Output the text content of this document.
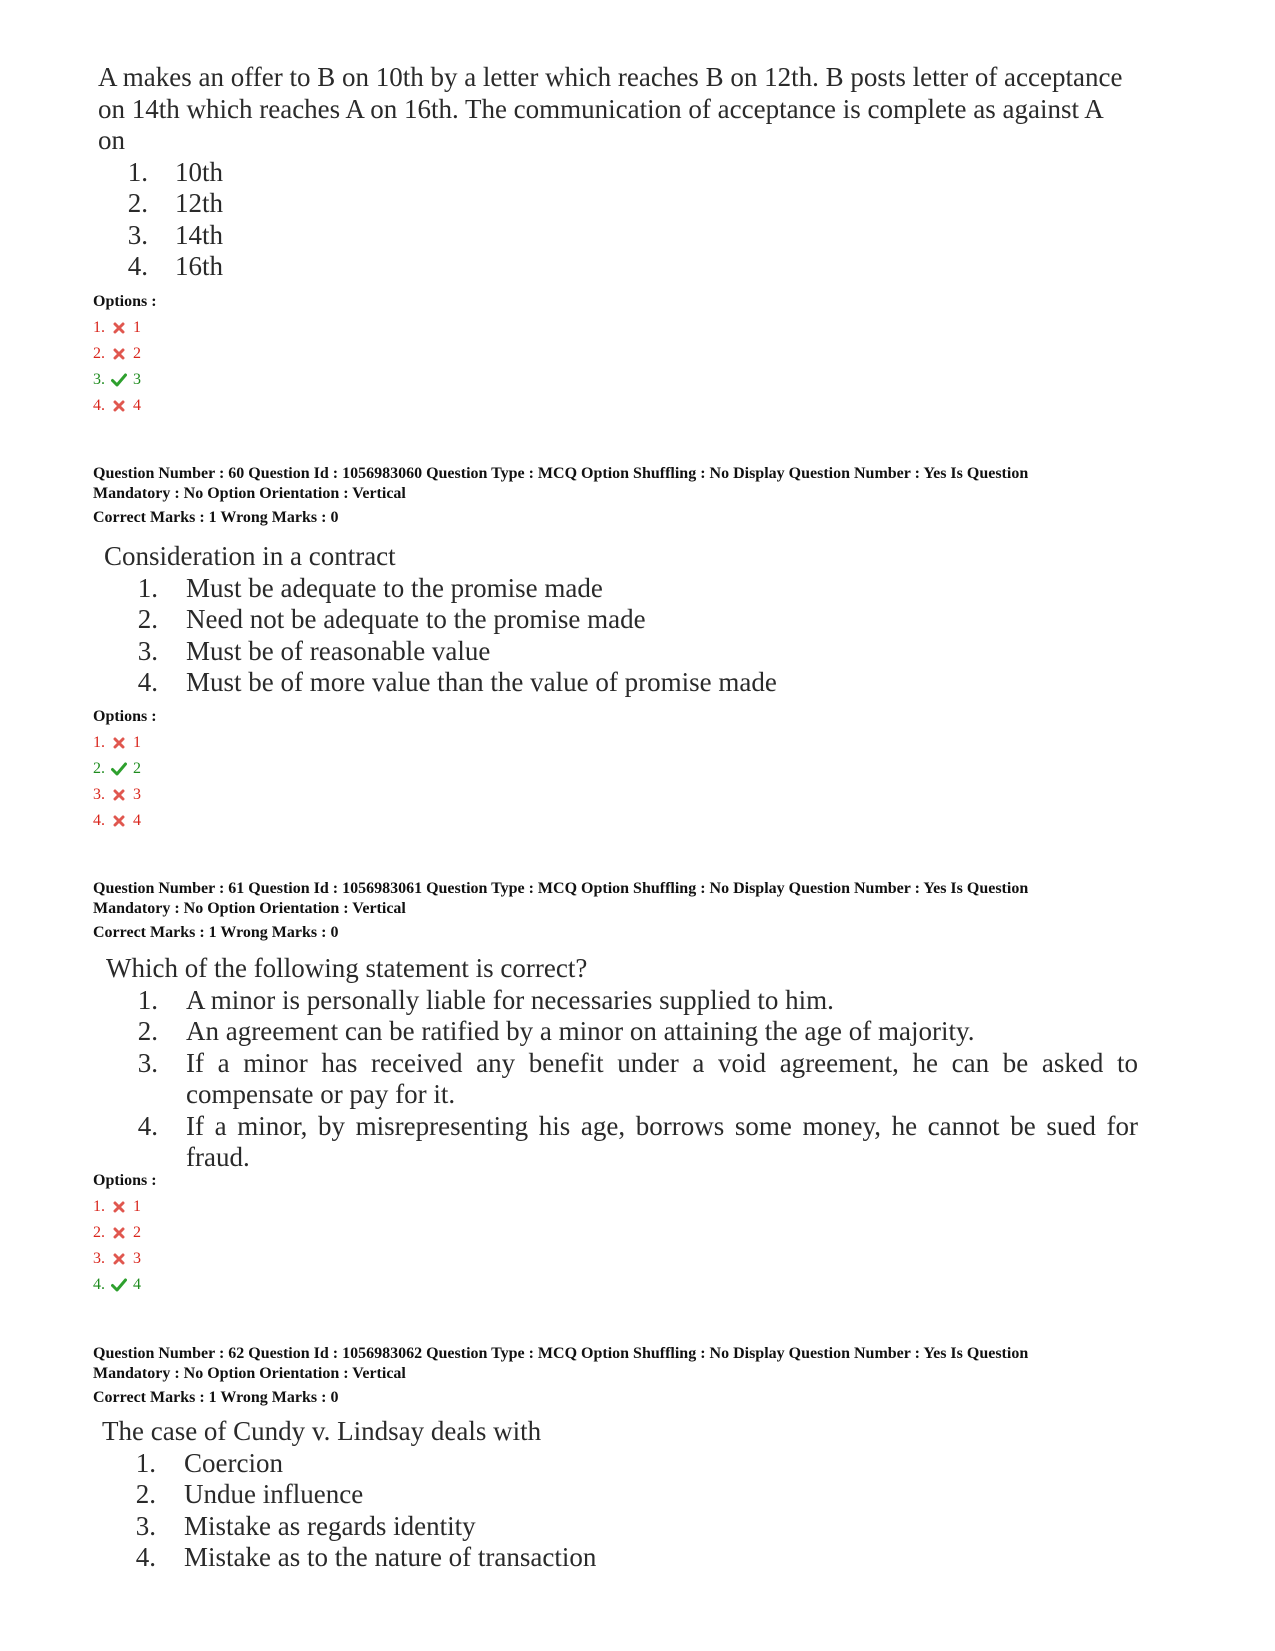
A makes an offer to B on 10th by a letter which reaches B on 12th. B posts letter of acceptance
on 14th which reaches A on 16th. The communication of acceptance is complete as against A
on
1. 10th
2. 12th
3. 14th
4. 16th
Options :
1. 1
2. 2
3. 3
4. 4
Question Number : 60 Question Id : 1056983060 Question Type : MCQ Option Shuffling : No Display Question Number : Yes Is Question
Mandatory : No Option Orientation : Vertical
Correct Marks : 1 Wrong Marks : 0
Consideration in a contract
1. Must be adequate to the promise made
2. Need not be adequate to the promise made
3. Must be of reasonable value
4. Must be of more value than the value of promise made
Options :
1. 1
2. 2
3. 3
4. 4
Question Number : 61 Question Id : 1056983061 Question Type : MCQ Option Shuffling : No Display Question Number : Yes Is Question
Mandatory : No Option Orientation : Vertical
Correct Marks : 1 Wrong Marks : 0
Which of the following statement is correct?
1. A minor is personally liable for necessaries supplied to him.
2. An agreement can be ratified by a minor on attaining the age of majority.
3. If a minor has received any benefit under a void agreement, he can be asked to compensate or pay for it.
4. If a minor, by misrepresenting his age, borrows some money, he cannot be sued for fraud.
Options :
1. 1
2. 2
3. 3
4. 4
Question Number : 62 Question Id : 1056983062 Question Type : MCQ Option Shuffling : No Display Question Number : Yes Is Question
Mandatory : No Option Orientation : Vertical
Correct Marks : 1 Wrong Marks : 0
The case of Cundy v. Lindsay deals with
1. Coercion
2. Undue influence
3. Mistake as regards identity
4. Mistake as to the nature of transaction
